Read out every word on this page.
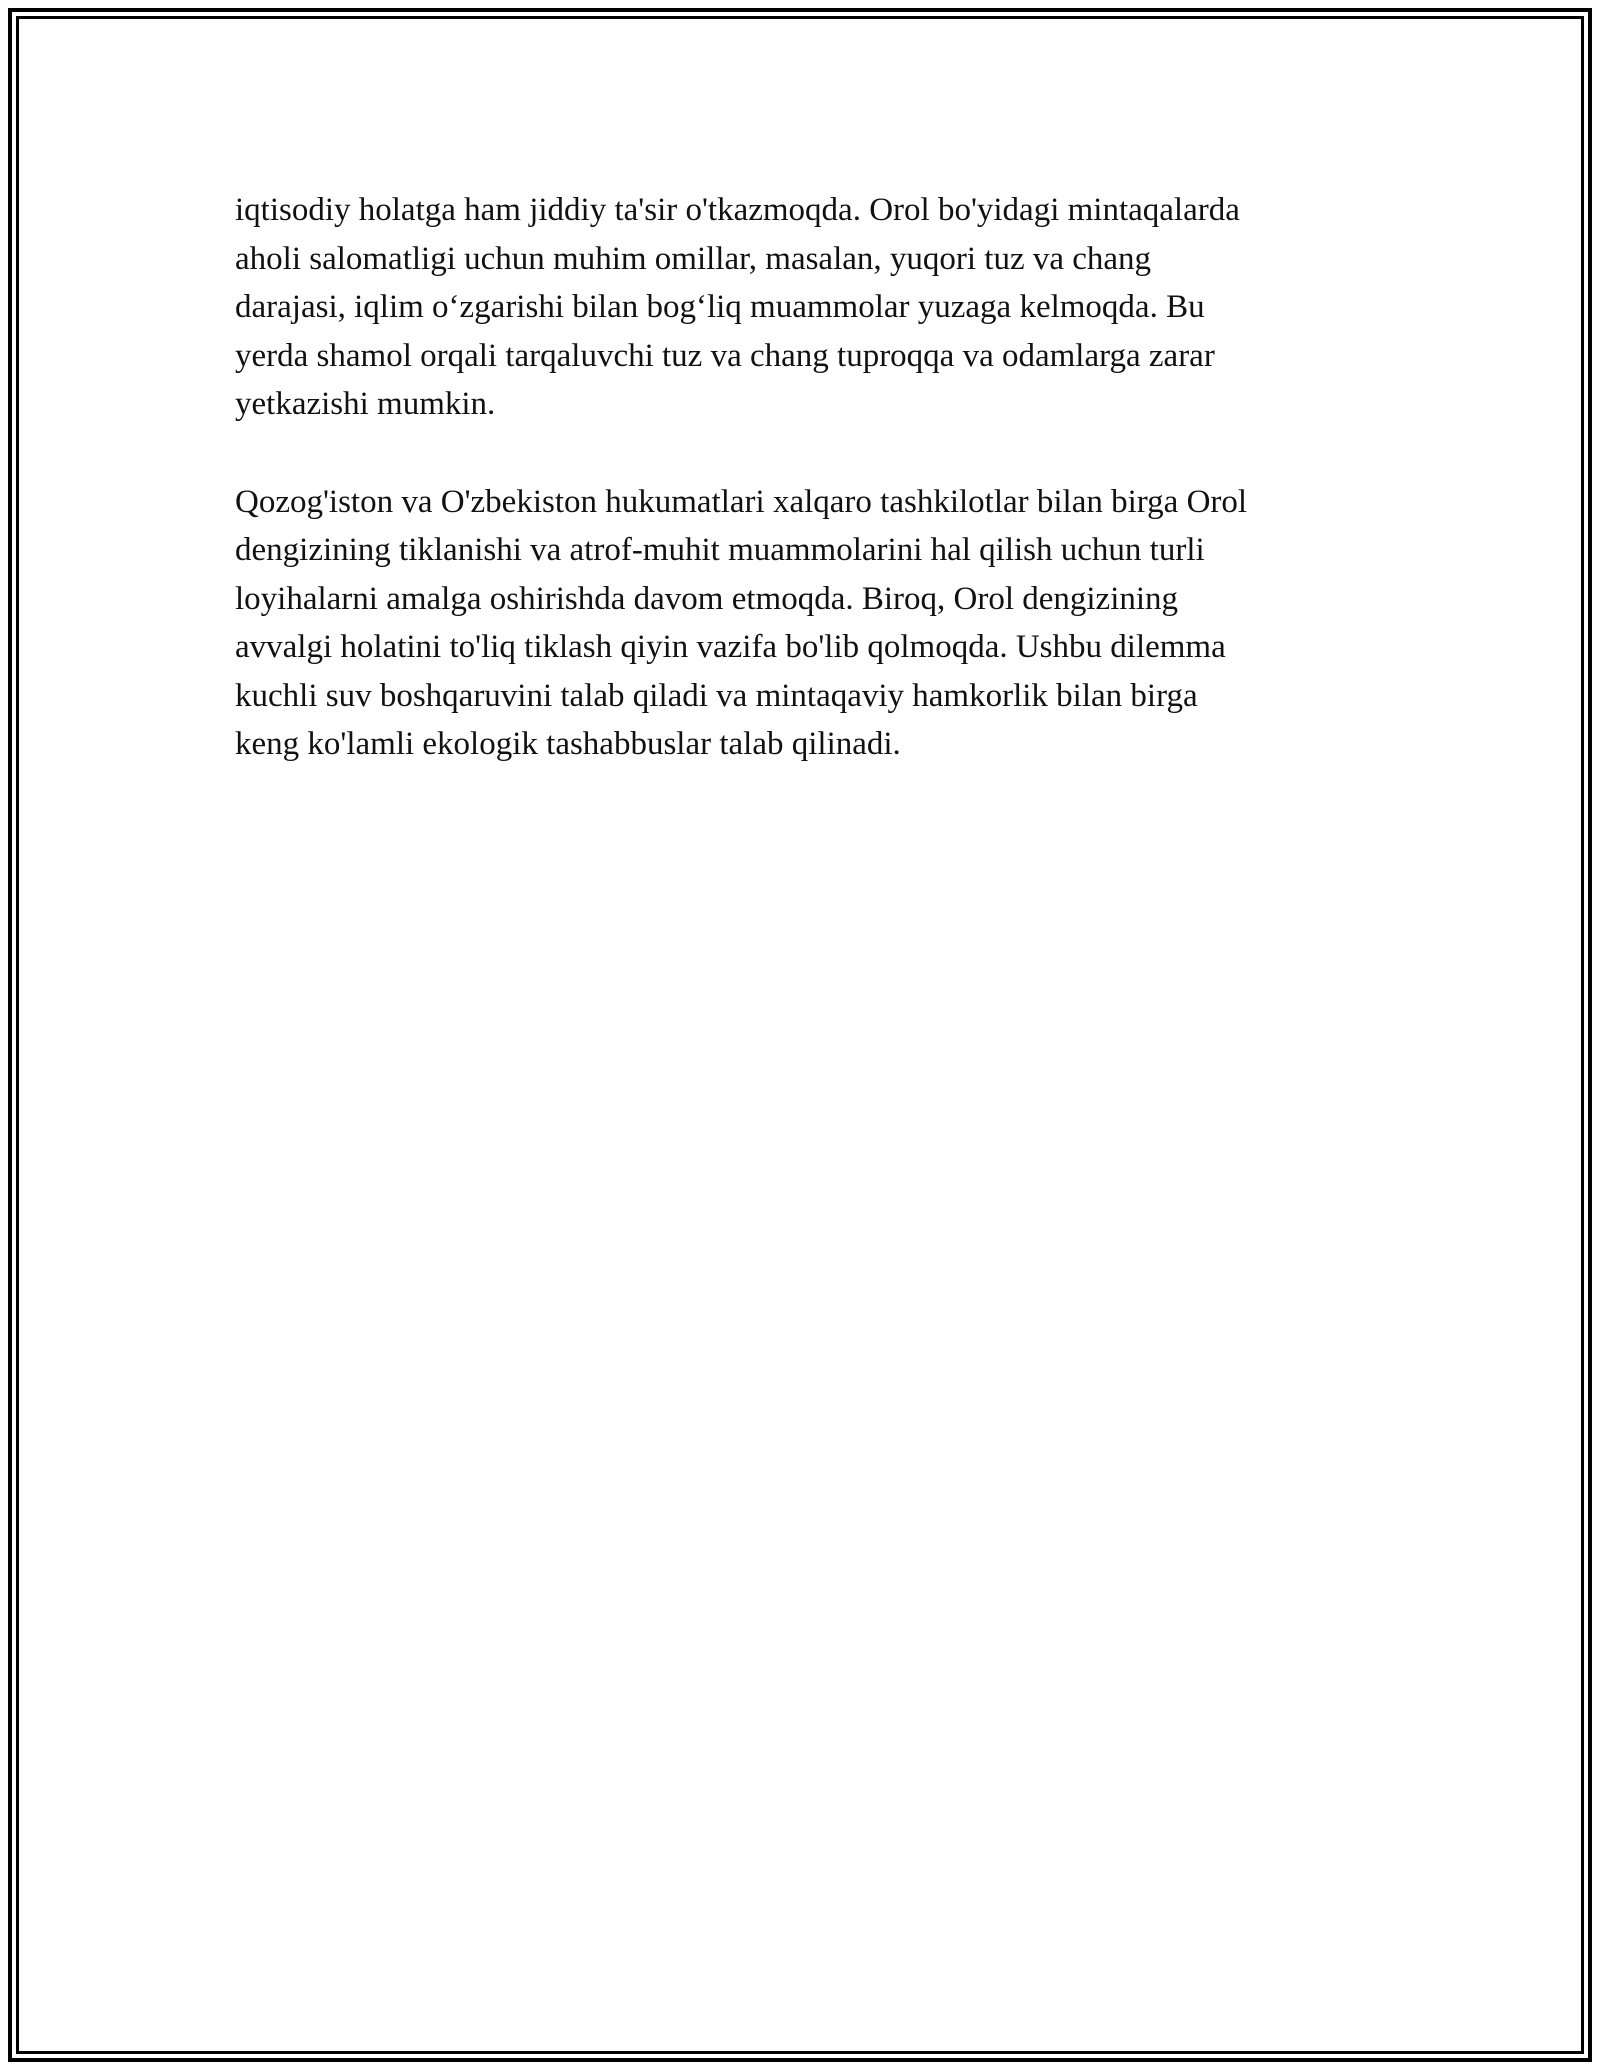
iqtisodiy holatga ham jiddiy ta'sir o'tkazmoqda. Orol bo'yidagi mintaqalarda
aholi salomatligi uchun muhim omillar, masalan, yuqori tuz va chang
darajasi, iqlim o‘zgarishi bilan bog‘liq muammolar yuzaga kelmoqda. Bu
yerda shamol orqali tarqaluvchi tuz va chang tuproqqa va odamlarga zarar
yetkazishi mumkin.

Qozog'iston va O'zbekiston hukumatlari xalqaro tashkilotlar bilan birga Orol
dengizining tiklanishi va atrof-muhit muammolarini hal qilish uchun turli
loyihalarni amalga oshirishda davom etmoqda. Biroq, Orol dengizining
avvalgi holatini to'liq tiklash qiyin vazifa bo'lib qolmoqda. Ushbu dilemma
kuchli suv boshqaruvini talab qiladi va mintaqaviy hamkorlik bilan birga
keng ko'lamli ekologik tashabbuslar talab qilinadi.
